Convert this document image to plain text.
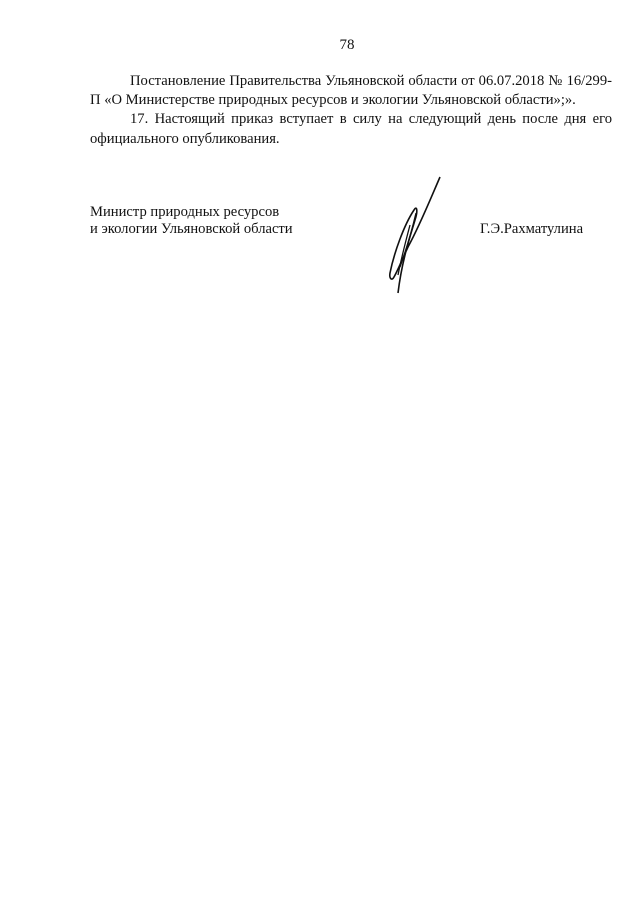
78

Постановление Правительства Ульяновской области от 06.07.2018 № 16/299-П «О Министерстве природных ресурсов и экологии Ульяновской области»;».

17. Настоящий приказ вступает в силу на следующий день после дня его официального опубликования.

Министр природных ресурсов
и экологии Ульяновской области	Г.Э.Рахматулина
